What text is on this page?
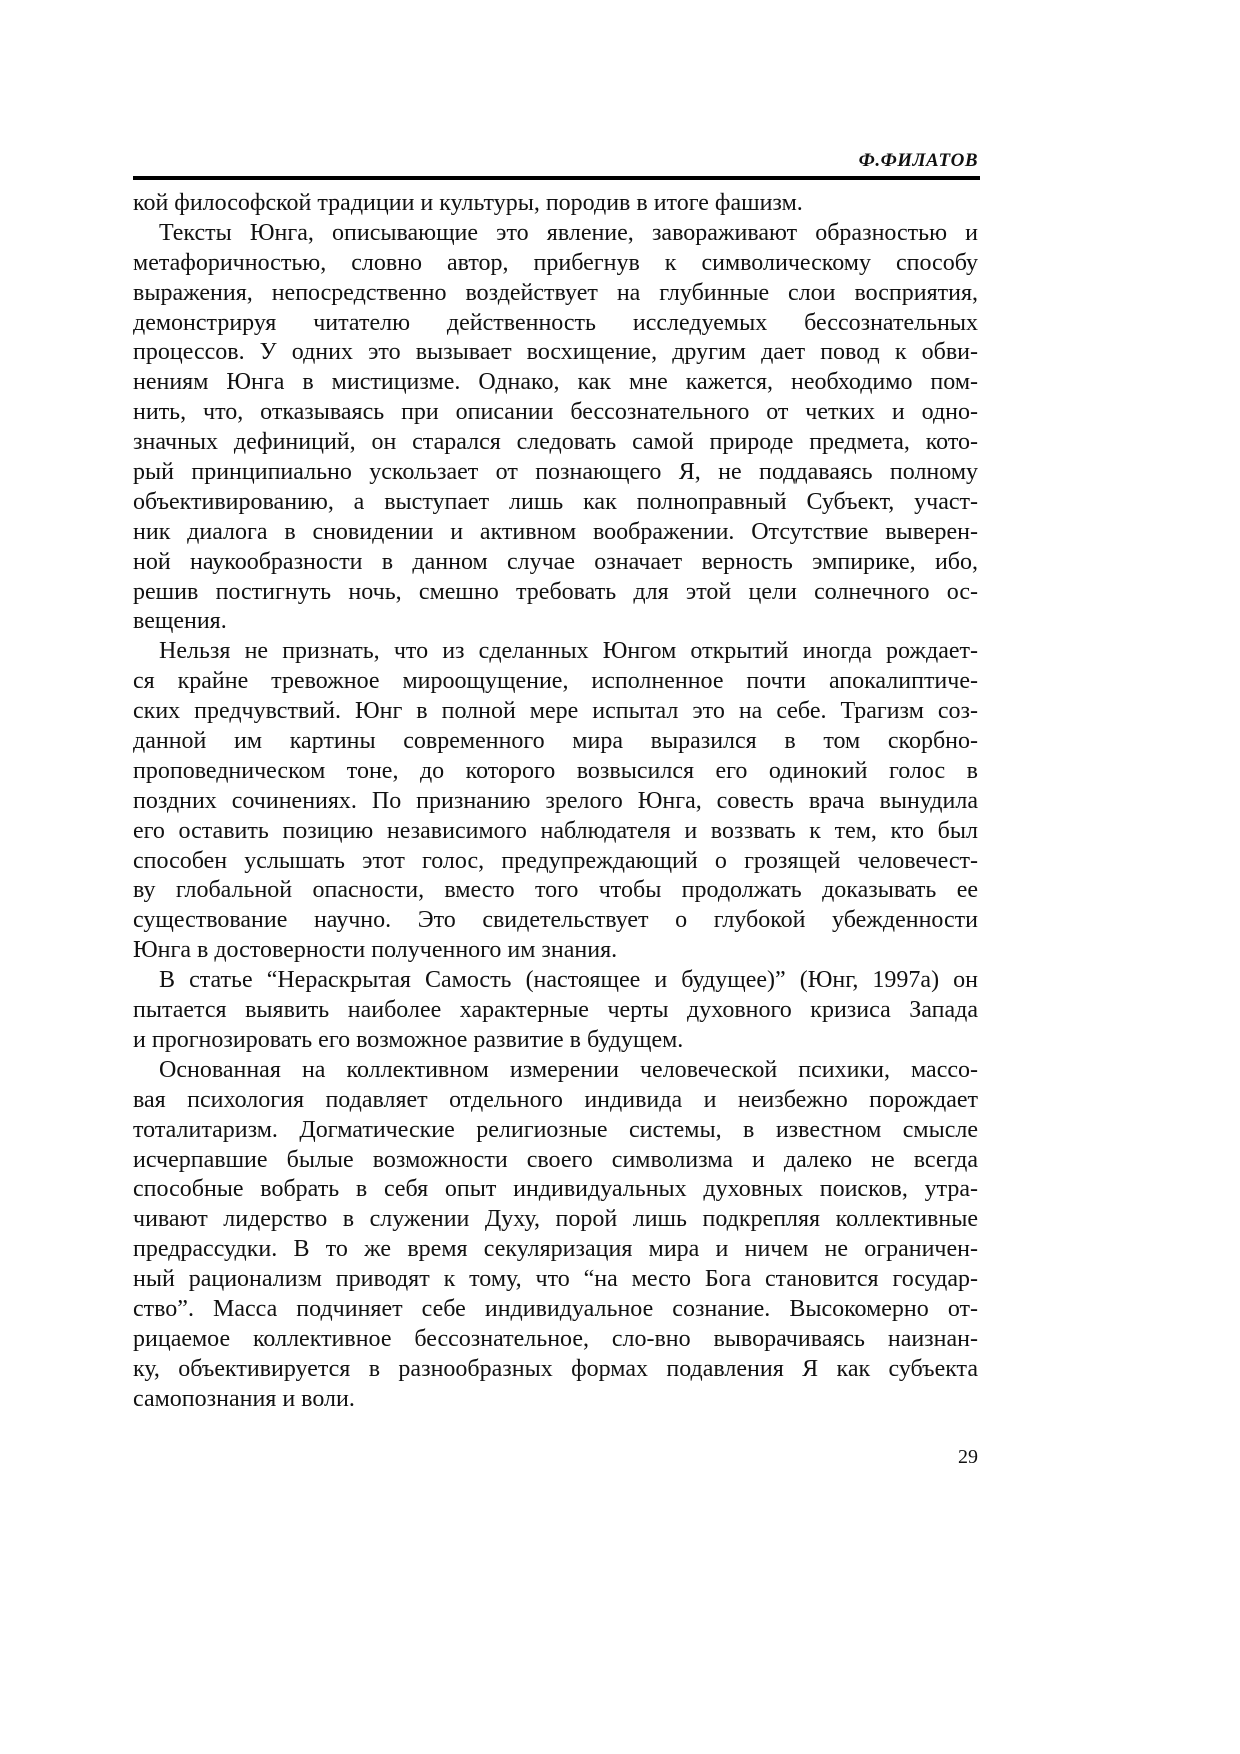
Ф.ФИЛАТОВ
кой философской традиции и культуры, породив в итоге фашизм.
Тексты Юнга, описывающие это явление, завораживают образностью и
метафоричностью, словно автор, прибегнув к символическому способу
выражения, непосредственно воздействует на глубинные слои восприятия,
демонстрируя читателю действенность исследуемых бессознательных
процессов. У одних это вызывает восхищение, другим дает повод к обви-
нениям Юнга в мистицизме. Однако, как мне кажется, необходимо пом-
нить, что, отказываясь при описании бессознательного от четких и одно-
значных дефиниций, он старался следовать самой природе предмета, кото-
рый принципиально ускользает от познающего Я, не поддаваясь полному
объективированию, а выступает лишь как полноправный Субъект, участ-
ник диалога в сновидении и активном воображении. Отсутствие выверен-
ной наукообразности в данном случае означает верность эмпирике, ибо,
решив постигнуть ночь, смешно требовать для этой цели солнечного ос-
вещения.
Нельзя не признать, что из сделанных Юнгом открытий иногда рождает-
ся крайне тревожное мироощущение, исполненное почти апокалиптиче-
ских предчувствий. Юнг в полной мере испытал это на себе. Трагизм соз-
данной им картины современного мира выразился в том скорбно-
проповедническом тоне, до которого возвысился его одинокий голос в
поздних сочинениях. По признанию зрелого Юнга, совесть врача вынудила
его оставить позицию независимого наблюдателя и воззвать к тем, кто был
способен услышать этот голос, предупреждающий о грозящей человечест-
ву глобальной опасности, вместо того чтобы продолжать доказывать ее
существование научно. Это свидетельствует о глубокой убежденности
Юнга в достоверности полученного им знания.
В статье “Нераскрытая Самость (настоящее и будущее)” (Юнг, 1997а) он
пытается выявить наиболее характерные черты духовного кризиса Запада
и прогнозировать его возможное развитие в будущем.
Основанная на коллективном измерении человеческой психики, массо-
вая психология подавляет отдельного индивида и неизбежно порождает
тоталитаризм. Догматические религиозные системы, в известном смысле
исчерпавшие былые возможности своего символизма и далеко не всегда
способные вобрать в себя опыт индивидуальных духовных поисков, утра-
чивают лидерство в служении Духу, порой лишь подкрепляя коллективные
предрассудки. В то же время секуляризация мира и ничем не ограничен-
ный рационализм приводят к тому, что “на место Бога становится государ-
ство”. Масса подчиняет себе индивидуальное сознание. Высокомерно от-
рицаемое коллективное бессознательное, сло-вно выворачиваясь наизнан-
ку, объективируется в разнообразных формах подавления Я как субъекта
самопознания и воли.
29
